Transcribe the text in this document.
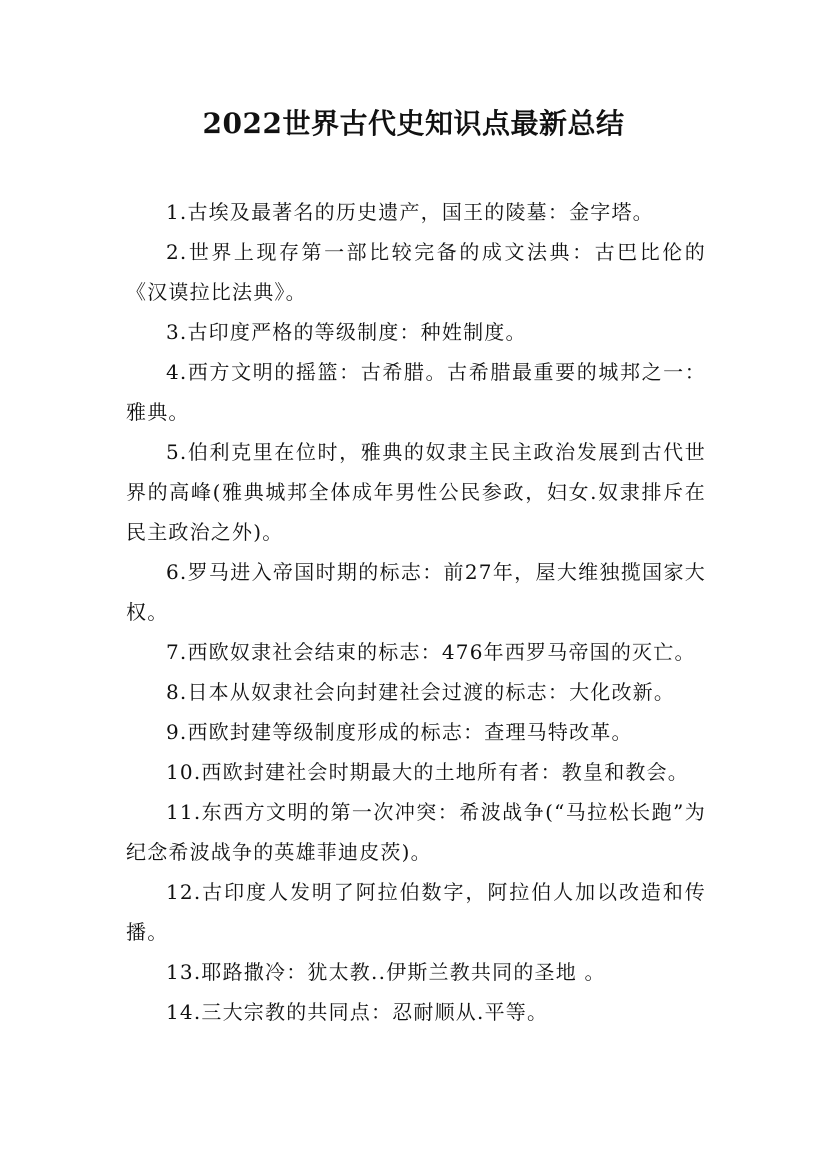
2022世界古代史知识点最新总结

1.古埃及最著名的历史遗产，国王的陵墓：金字塔。

2.世界上现存第一部比较完备的成文法典：古巴比伦的《汉谟拉比法典》。

3.古印度严格的等级制度：种姓制度。

4.西方文明的摇篮：古希腊。古希腊最重要的城邦之一：雅典。

5.伯利克里在位时，雅典的奴隶主民主政治发展到古代世界的高峰(雅典城邦全体成年男性公民参政，妇女.奴隶排斥在民主政治之外)。

6.罗马进入帝国时期的标志：前27年，屋大维独揽国家大权。

7.西欧奴隶社会结束的标志：476年西罗马帝国的灭亡。

8.日本从奴隶社会向封建社会过渡的标志：大化改新。

9.西欧封建等级制度形成的标志：查理马特改革。

10.西欧封建社会时期最大的土地所有者：教皇和教会。

11.东西方文明的第一次冲突：希波战争(“马拉松长跑”为纪念希波战争的英雄菲迪皮茨)。

12.古印度人发明了阿拉伯数字，阿拉伯人加以改造和传播。

13.耶路撒冷：犹太教..伊斯兰教共同的圣地 。

14.三大宗教的共同点：忍耐顺从.平等。
